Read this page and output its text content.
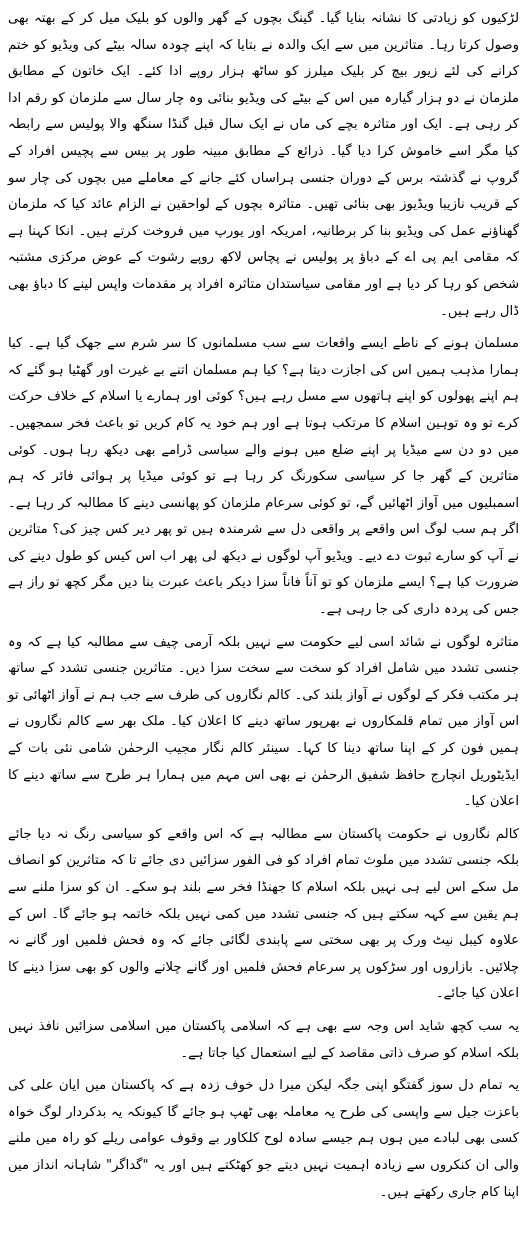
لڑکیوں کو زیادتی کا نشانہ بنایا گیا۔ گینگ بچوں کے گھر والوں کو بلیک میل کر کے بھتہ بھی وصول کرتا رہا۔ متاثرین میں سے ایک والدہ نے بتایا کہ اپنے چودہ سالہ بیٹے کی ویڈیو کو ختم کرانے کی لئے زیور بیچ کر بلیک میلرز کو ساٹھ ہزار روپے ادا کئے۔ ایک خاتون کے مطابق ملزمان نے دو ہزار گیارہ میں اس کے بیٹے کی ویڈیو بنائی وہ چار سال سے ملزمان کو رقم ادا کر رہی ہے۔ ایک اور متاثرہ بچے کی ماں نے ایک سال قبل گنڈا سنگھ والا پولیس سے رابطہ کیا مگر اسے خاموش کرا دیا گیا۔ ذرائع کے مطابق مبینہ طور پر بیس سے پچیس افراد کے گروپ نے گذشتہ برس کے دوران جنسی ہراساں کئے جانے کے معاملے میں بچوں کی چار سو کے قریب نازیبا ویڈیوز بھی بنائی تھیں۔ متاثرہ بچوں کے لواحقین نے الزام عائد کیا کہ ملزمان گھناؤنے عمل کی ویڈیو بنا کر برطانیہ، امریکہ اور یورپ میں فروخت کرتے ہیں۔ انکا کہنا ہے کہ مقامی ایم پی اے کے دباؤ پر پولیس نے پچاس لاکھ روپے رشوت کے عوض مرکزی مشتبہ شخص کو رہا کر دیا ہے اور مقامی سیاستدان متاثرہ افراد پر مقدمات واپس لینے کا دباؤ بھی ڈال رہے ہیں۔

مسلمان ہونے کے ناطے ایسے واقعات سے سب مسلمانوں کا سر شرم سے جھک گیا ہے۔ کیا ہمارا مذہب ہمیں اس کی اجازت دیتا ہے؟ کیا ہم مسلمان اتنے بے غیرت اور گھٹیا ہو گئے کہ ہم اپنے پھولوں کو اپنے ہاتھوں سے مسل رہے ہیں؟ کوئی اور ہمارے یا اسلام کے خلاف حرکت کرے تو وہ توہین اسلام کا مرتکب ہوتا ہے اور ہم خود یہ کام کریں تو باعث فخر سمجھیں۔ میں دو دن سے میڈیا پر اپنے ضلع میں ہونے والے سیاسی ڈرامے بھی دیکھ رہا ہوں۔ کوئی متاثرین کے گھر جا کر سیاسی سکورنگ کر رہا ہے تو کوئی میڈیا پر ہوائی فائر کہ ہم اسمبلیوں میں آواز اٹھائیں گے، تو کوئی سرعام ملزمان کو پھانسی دینے کا مطالبہ کر رہا ہے۔ اگر ہم سب لوگ اس واقعے پر واقعی دل سے شرمندہ ہیں تو پھر دیر کس چیز کی؟ متاثرین نے آپ کو سارے ثبوت دے دیے۔ ویڈیو آپ لوگوں نے دیکھ لی پھر اب اس کیس کو طول دینے کی ضرورت کیا ہے؟ ایسے ملزمان کو تو آناً فاناً سزا دیکر باعث عبرت بنا دیں مگر کچھ تو راز ہے جس کی پردہ داری کی جا رہی ہے۔

متاثرہ لوگوں نے شائد اسی لیے حکومت سے نہیں بلکہ آرمی چیف سے مطالبہ کیا ہے کہ وہ جنسی تشدد میں شامل افراد کو سخت سے سخت سزا دیں۔ متاثرین جنسی تشدد کے ساتھ ہر مکتب فکر کے لوگوں نے آواز بلند کی۔ کالم نگاروں کی طرف سے جب ہم نے آواز اٹھائی تو اس آواز میں تمام قلمکاروں نے بھرپور ساتھ دینے کا اعلان کیا۔ ملک بھر سے کالم نگاروں نے ہمیں فون کر کے اپنا ساتھ دینا کا کہا۔ سینئر کالم نگار مجیب الرحمٰن شامی نئی بات کے ایڈیٹوریل انچارج حافظ شفیق الرحمٰن نے بھی اس مہم میں ہمارا ہر طرح سے ساتھ دینے کا اعلان کیا۔

کالم نگاروں نے حکومت پاکستان سے مطالبہ ہے کہ اس واقعے کو سیاسی رنگ نہ دیا جائے بلکہ جنسی تشدد میں ملوث تمام افراد کو فی الفور سزائیں دی جائے تا کہ متاثرین کو انصاف مل سکے اس لیے ہی نہیں بلکہ اسلام کا جھنڈا فخر سے بلند ہو سکے۔ ان کو سزا ملنے سے ہم یقین سے کہہ سکتے ہیں کہ جنسی تشدد میں کمی نہیں بلکہ خاتمہ ہو جائے گا۔ اس کے علاوہ کیبل نیٹ ورک پر بھی سختی سے پابندی لگائی جائے کہ وہ فحش فلمیں اور گانے نہ چلائیں۔ بازاروں اور سڑکوں پر سرعام فحش فلمیں اور گانے چلانے والوں کو بھی سزا دینے کا اعلان کیا جائے۔

یہ سب کچھ شاید اس وجہ سے بھی ہے کہ اسلامی پاکستان میں اسلامی سزائیں نافذ نہیں بلکہ اسلام کو صرف ذاتی مقاصد کے لیے استعمال کیا جاتا ہے۔

یہ تمام دل سوز گفتگو اپنی جگہ لیکن میرا دل خوف زدہ ہے کہ پاکستان میں ایان علی کی باعزت جیل سے واپسی کی طرح یہ معاملہ بھی ٹھپ ہو جائے گا کیونکہ یہ بدکردار لوگ خواہ کسی بھی لبادے میں ہوں ہم جیسے سادہ لوح کلکاور بے وقوف عوامی ریلے کو راہ میں ملنے والی ان کنکروں سے زیادہ اہمیت نہیں دیتے جو کھٹکتے ہیں اور یہ "گداگر" شاہانہ انداز میں اپنا کام جاری رکھتے ہیں۔
